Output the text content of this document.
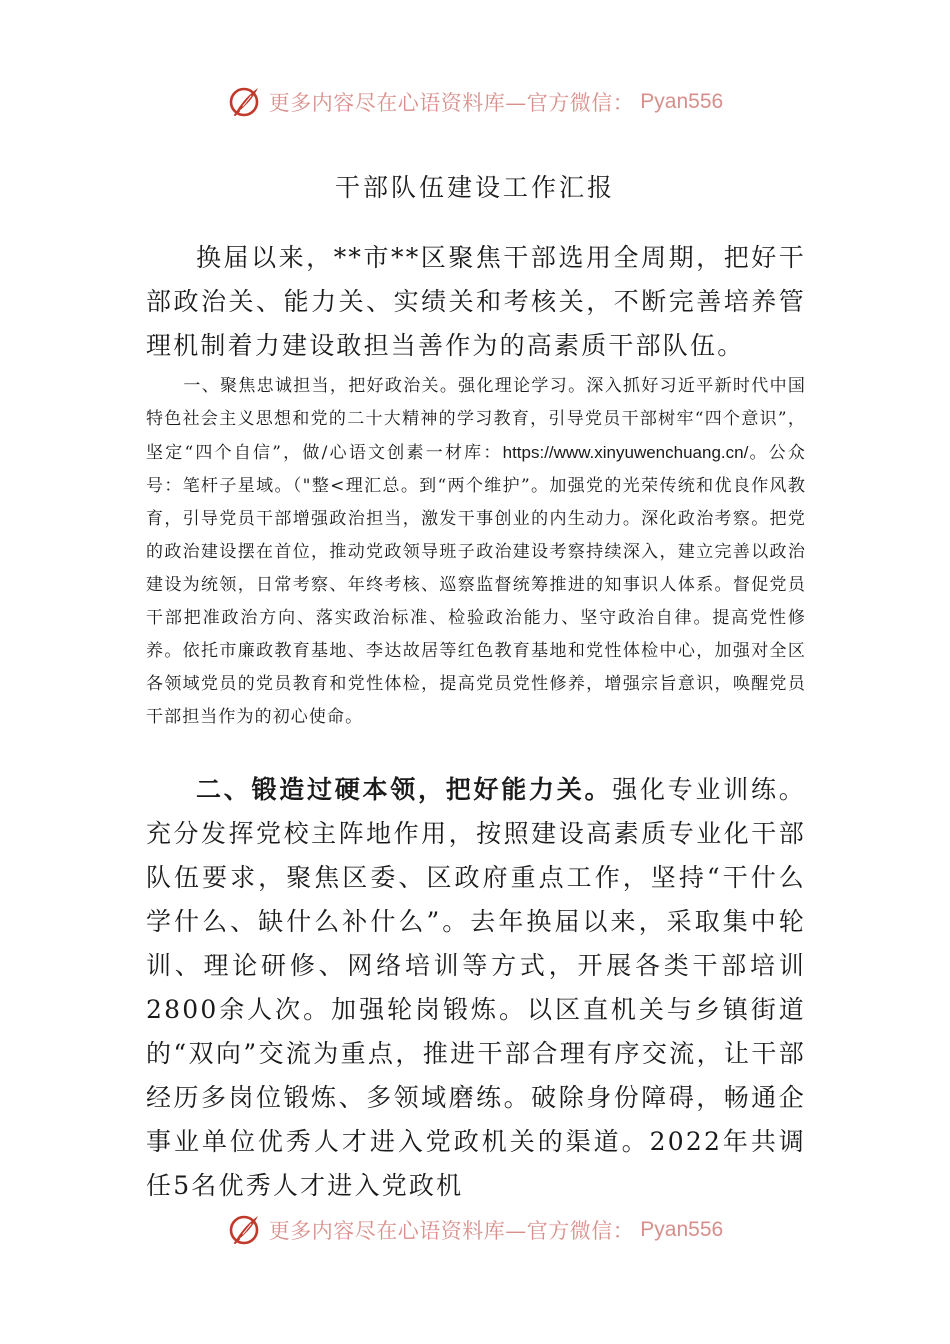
更多内容尽在心语资料库—官方微信： Pyan556
干部队伍建设工作汇报

换届以来，**市**区聚焦干部选用全周期，把好干部政治关、能力关、实绩关和考核关，不断完善培养管理机制着力建设敢担当善作为的高素质干部队伍。

一、聚焦忠诚担当，把好政治关。强化理论学习。深入抓好习近平新时代中国特色社会主义思想和党的二十大精神的学习教育，引导党员干部树牢“四个意识”，坚定“四个自信”，做/心语文创素一材库：https://www.xinyuwenchuang.cn/。公众号：笔杆子星域。（"整<理汇总。到“两个维护”。加强党的光荣传统和优良作风教育，引导党员干部增强政治担当，激发干事创业的内生动力。深化政治考察。把党的政治建设摆在首位，推动党政领导班子政治建设考察持续深入，建立完善以政治建设为统领，日常考察、年终考核、巡察监督统筹推进的知事识人体系。督促党员干部把准政治方向、落实政治标准、检验政治能力、坚守政治自律。提高党性修养。依托市廉政教育基地、李达故居等红色教育基地和党性体检中心，加强对全区各领域党员的党员教育和党性体检，提高党员党性修养，增强宗旨意识，唤醒党员干部担当作为的初心使命。

二、锻造过硬本领，把好能力关。强化专业训练。充分发挥党校主阵地作用，按照建设高素质专业化干部队伍要求，聚焦区委、区政府重点工作，坚持“干什么学什么、缺什么补什么”。去年换届以来，采取集中轮训、理论研修、网络培训等方式，开展各类干部培训2800余人次。加强轮岗锻炼。以区直机关与乡镇街道的“双向”交流为重点，推进干部合理有序交流，让干部经历多岗位锻炼、多领域磨练。破除身份障碍，畅通企事业单位优秀人才进入党政机关的渠道。2022年共调任5名优秀人才进入党政机

更多内容尽在心语资料库—官方微信： Pyan556
